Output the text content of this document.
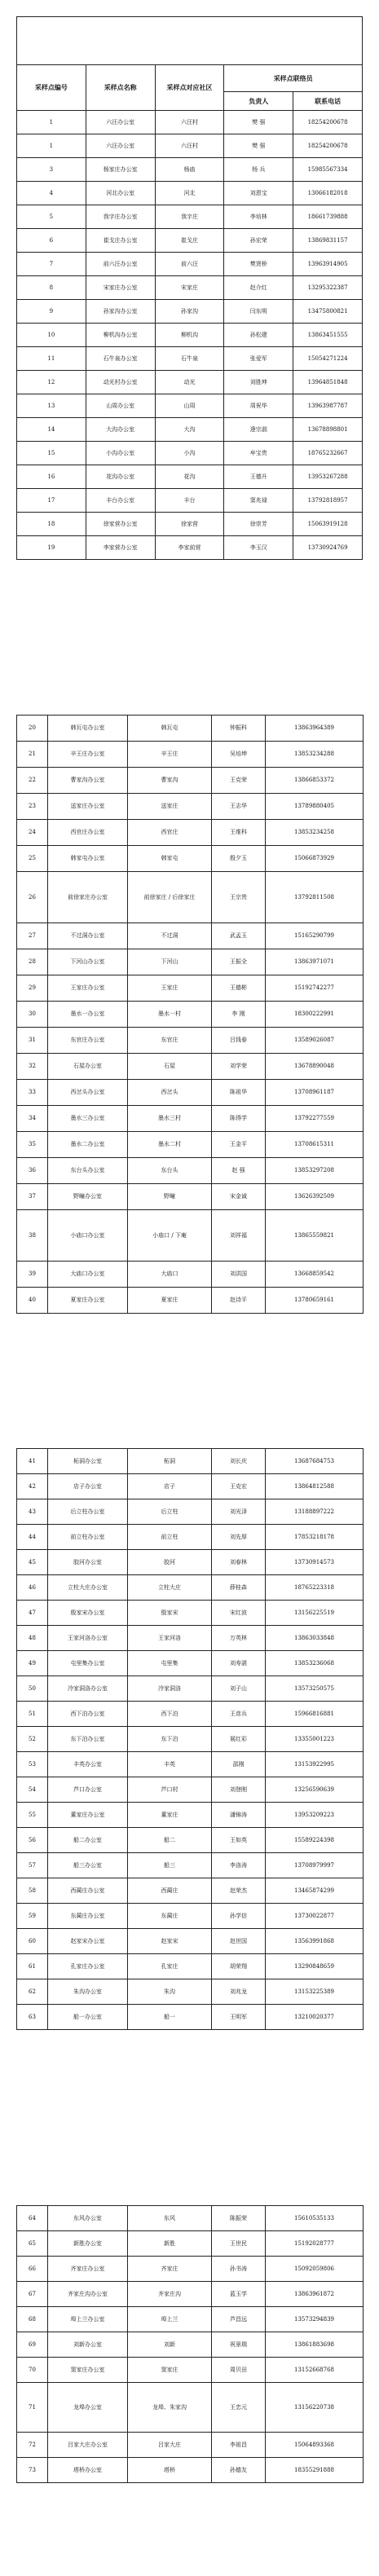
采样点编号	采样点名称	采样点对应社区	采样点联络员	
			负责人	联系电话
1	六汪办公室	六汪村	樊 强	18254200678
1	六汪办公室	六汪村	樊 强	18254200678
3	杨家庄办公室	杨庙	杨 兵	15985567334
4	河北办公室	河北	刘恩宝	13066182018
5	我字庄办公室	我字庄	李培林	18661739888
6	崔戈庄办公室	崔戈庄	孙宏荣	13869831157
7	前六汪办公室	前六汪	樊贤桥	13963914905
8	宋家庄办公室	宋家庄	赵介红	13295322387
9	孙家沟办公室	孙家沟	闫东明	13475800821
10	柳机沟办公室	柳机沟	孙松建	13863451555
11	石牛泉办公室	石牛泉	张爱军	15054271224
12	动光村办公室	动光	刘胜坤	13964851848
13	山周办公室	山周	周祝华	13963987787
14	大沟办公室	大沟	逄宗淑	13678898801
15	小沟办公室	小沟	牟宝贵	18765232667
16	花沟办公室	花沟	王德升	13953267288
17	丰台办公室	丰台	窦兆禄	13792818957
18	徐家营办公室	徐家营	徐崇芳	15063919128
19	李家营办公室	李家前营	李玉汉	13730924769
20	韩瓦屯办公室	韩瓦屯	钟振科	13863964389
21	辛王庄办公室	辛王庄	吴培坤	13853234288
22	曹家沟办公室	曹家沟	王克荣	13866853372
23	送家庄办公室	送家庄	王志华	13789880405
24	西官庄办公室	西官庄	王维科	13853234258
25	韩家屯办公室	韩家屯	殷夕玉	15066873929
26	前徐家庄办公室	前徐家庄 / 后徐家庄	王宗贵	13792811508
27	不过洞办公室	不过洞	武孟玉	15165290799
28	下河山办公室	下河山	王振全	13863971071
29	王家庄办公室	王家庄	王德彬	15192742277
30	墨水一办公室	墨水一村	李 刚	18300222991
31	东官庄办公室	东官庄	吕钱春	13589026087
32	石屋办公室	石屋	刘学荣	13678890048
33	西岔头办公室	西岔头	陈祖华	13708961187
34	墨水三办公室	墨水三村	陈得学	13792277559
35	墨水二办公室	墨水二村	王金平	13708615311
36	东台头办公室	东台头	赵 强	13853297208
37	野疃办公室	野疃	宋金诚	13626392509
38	小庙口办公室	小庙口 / 下庵	刘祥福	13865559821
39	大庙口办公室	大庙口	刘洪国	13668859542
40	夏家庄办公室	夏家庄	赵诗平	13780659161
41	柘洞办公室	柘洞	刘长庆	13687684753
42	店子办公室	店子	王克宏	13864812588
43	后立柱办公室	后立柱	刘光泽	13188897222
44	前立柱办公室	前立柱	刘先厚	17853218178
45	胶河办公室	胶河	刘春林	13730914573
46	立柱大庄办公室	立柱大庄	薛桂森	18765223318
47	殷家宋办公室	殷家宋	宋红波	13156225519
48	王家河洛办公室	王家河洛	万英林	13863033848
49	屯里集办公室	屯里集	刘寿湛	13853236068
50	冷家洞洛办公室	冷家洞洛	刘子山	13573250575
51	西下泊办公室	西下泊	王彦兵	15966816881
52	东下泊办公室	东下泊	展红彩	13355001223
53	丰英办公室	丰英	邵刚	13153922995
54	芦口办公室	芦口村	刘登刚	13256590639
55	董家庄办公室	董家庄	潘锦涛	13953209223
56	船二办公室	船二	王如英	15589224398
57	船三办公室	船三	李洛涛	13708979997
58	西蔺庄办公室	西蔺庄	赵荣杰	13465874299
59	东蔺庄办公室	东蔺庄	孙学信	13730022877
60	赵家宋办公室	赵家宋	赵世国	13563991868
61	孔家庄办公室	孔家庄	胡荣翔	13290848659
62	朱沟办公室	朱沟	刘兆龙	13153225389
63	船一办公室	船一	王明军	13210020377
64	东风办公室	东风	陈振荣	15610535133
65	新胜办公室	新胜	王世民	15192028777
66	齐家庄办公室	齐家庄	孙书涛	15092059806
67	齐家庄沟办公室	齐家庄沟	蓝玉学	13863961872
68	埠上兰办公室	埠上兰	芦昌远	13573294839
69	刘新办公室	刘新	祝景瑞	13861883698
70	窦家庄办公室	窦家庄	周贝田	13152668768
71	龙埠办公室	龙埠、朱家沟	王忠元	13156220738
72	吕家大庄办公室	吕家大庄	李祖昌	15064893368
73	塔桥办公室	塔桥	孙德友	18355291888
